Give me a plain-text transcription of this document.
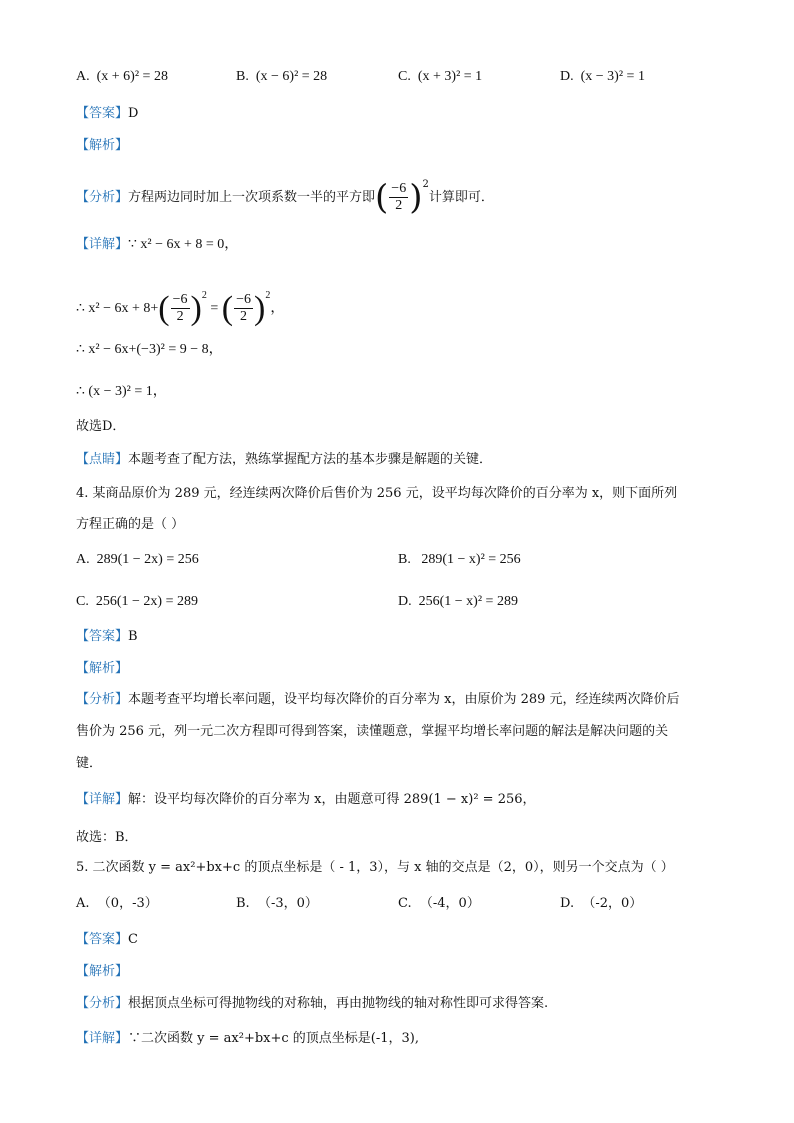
A. (x + 6)² = 28	B. (x − 6)² = 28	C. (x + 3)² = 1	D. (x − 3)² = 1
【答案】D
【解析】
【分析】方程两边同时加上一次项系数一半的平方即( $\frac{-6}{2} )^2$计算即可．
【详解】∵ x² − 6x + 8 = 0，
∴ $x^2 - 6x + 8+( \frac{-6}{2} )^2$ = ( $\frac{-6}{2} )^2$，
∴ x² − 6x+(−3)² = 9 − 8，
∴ (x − 3)² = 1，
故选D．
【点睛】本题考查了配方法，熟练掌握配方法的基本步骤是解题的关键．
4. 某商品原价为 289 元，经连续两次降价后售价为 256 元，设平均每次降价的百分率为 x，则下面所列
方程正确的是（ ）
A. 289(1 − 2x) = 256	B. 289(1 − x)² = 256
C. 256(1 − 2x) = 289	D. 256(1 − x)² = 289
【答案】B
【解析】
【分析】本题考查平均增长率问题，设平均每次降价的百分率为 x，由原价为 289 元，经连续两次降价后
售价为 256 元，列一元二次方程即可得到答案，读懂题意，掌握平均增长率问题的解法是解决问题的关
键．
【详解】解：设平均每次降价的百分率为 x，由题意可得 289(1 − x)² = 256，
故选：B．
5. 二次函数 y = ax²+bx+c 的顶点坐标是（ - 1，3），与 x 轴的交点是（2，0），则另一个交点为（ ）
A. （0，-3）	B. （-3，0）	C. （-4，0）	D. （-2，0）
【答案】C
【解析】
【分析】根据顶点坐标可得抛物线的对称轴，再由抛物线的轴对称性即可求得答案.
【详解】∵二次函数 y = ax²+bx+c 的顶点坐标是(-1，3),
